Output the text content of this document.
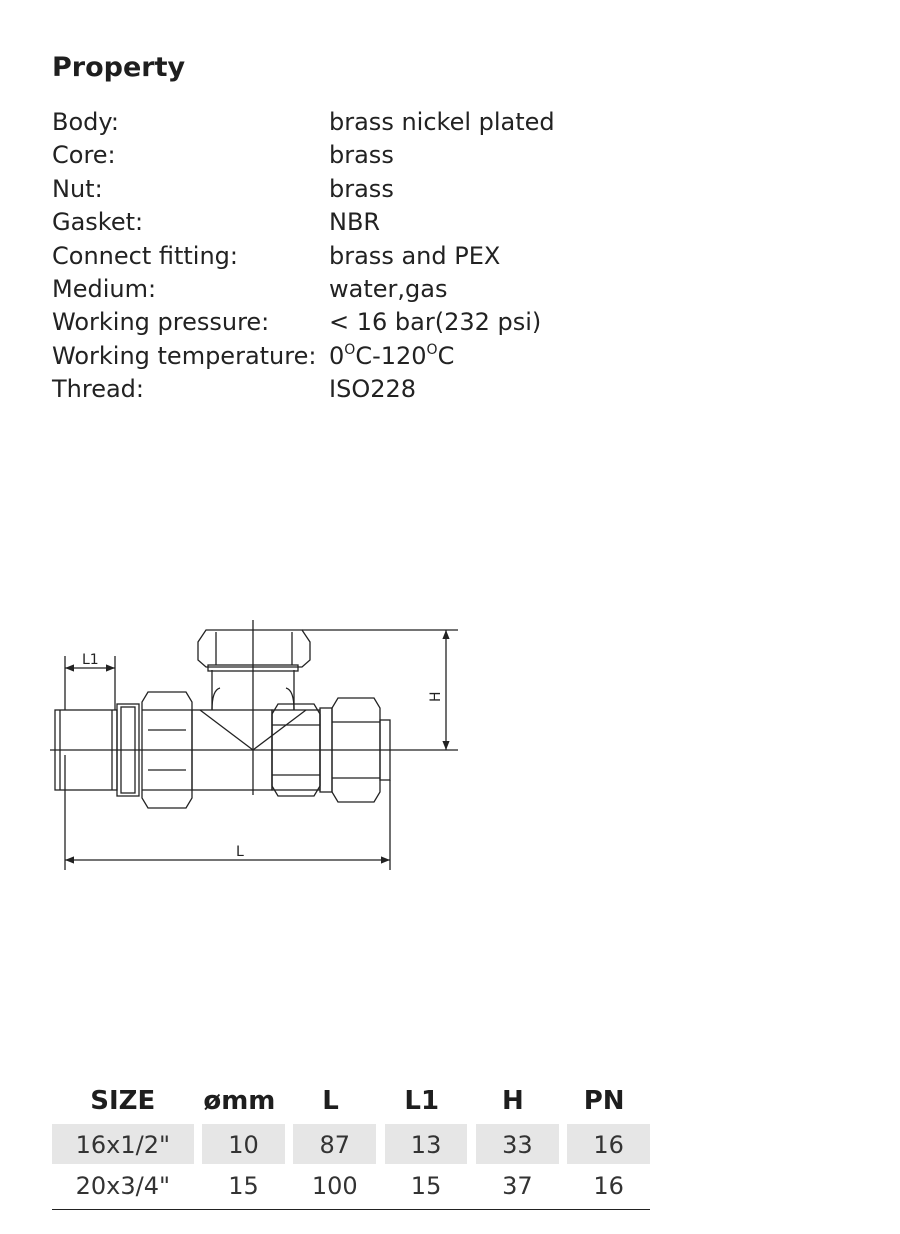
Property
Body:	brass nickel plated
Core:	brass
Nut:	brass
Gasket:	NBR
Connect fitting:	brass and PEX
Medium:	water,gas
Working pressure: < 16 bar(232 psi)
Working temperature: $0^OC-120^OC$
Thread:	ISO228
L1
L
H
SIZE	ømm	L	L1	H	PN
16x1/2"	10	87	13	33	16
20x3/4"	15	100	15	37	16
